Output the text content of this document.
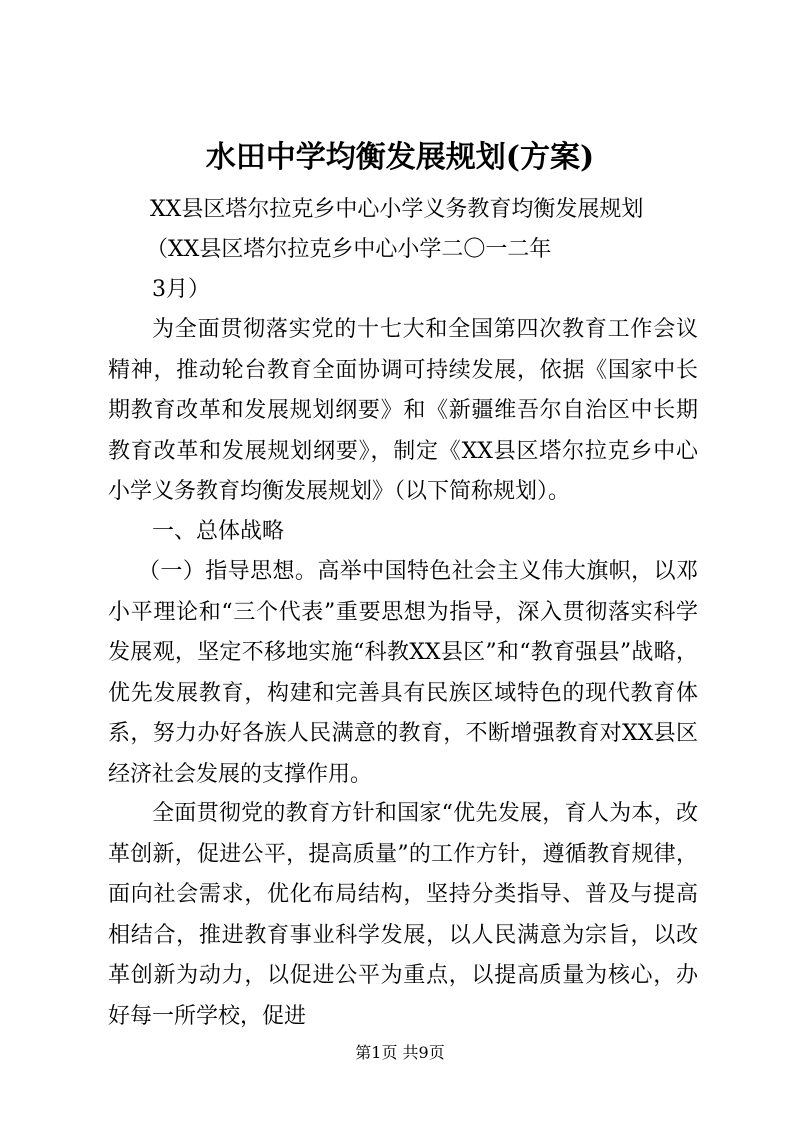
水田中学均衡发展规划(方案)
XX县区塔尔拉克乡中心小学义务教育均衡发展规划
（XX县区塔尔拉克乡中心小学二〇一二年
3月）

为全面贯彻落实党的十七大和全国第四次教育工作会议精神，推动轮台教育全面协调可持续发展，依据《国家中长期教育改革和发展规划纲要》和《新疆维吾尔自治区中长期教育改革和发展规划纲要》，制定《XX县区塔尔拉克乡中心小学义务教育均衡发展规划》（以下简称规划）。

一、总体战略

（一）指导思想。高举中国特色社会主义伟大旗帜，以邓小平理论和“三个代表”重要思想为指导，深入贯彻落实科学发展观，坚定不移地实施“科教XX县区”和“教育强县”战略，优先发展教育，构建和完善具有民族区域特色的现代教育体系，努力办好各族人民满意的教育，不断增强教育对XX县区经济社会发展的支撑作用。

全面贯彻党的教育方针和国家“优先发展，育人为本，改革创新，促进公平，提高质量”的工作方针，遵循教育规律，面向社会需求，优化布局结构，坚持分类指导、普及与提高相结合，推进教育事业科学发展，以人民满意为宗旨，以改革创新为动力，以促进公平为重点，以提高质量为核心，办好每一所学校，促进

第1页 共9页
